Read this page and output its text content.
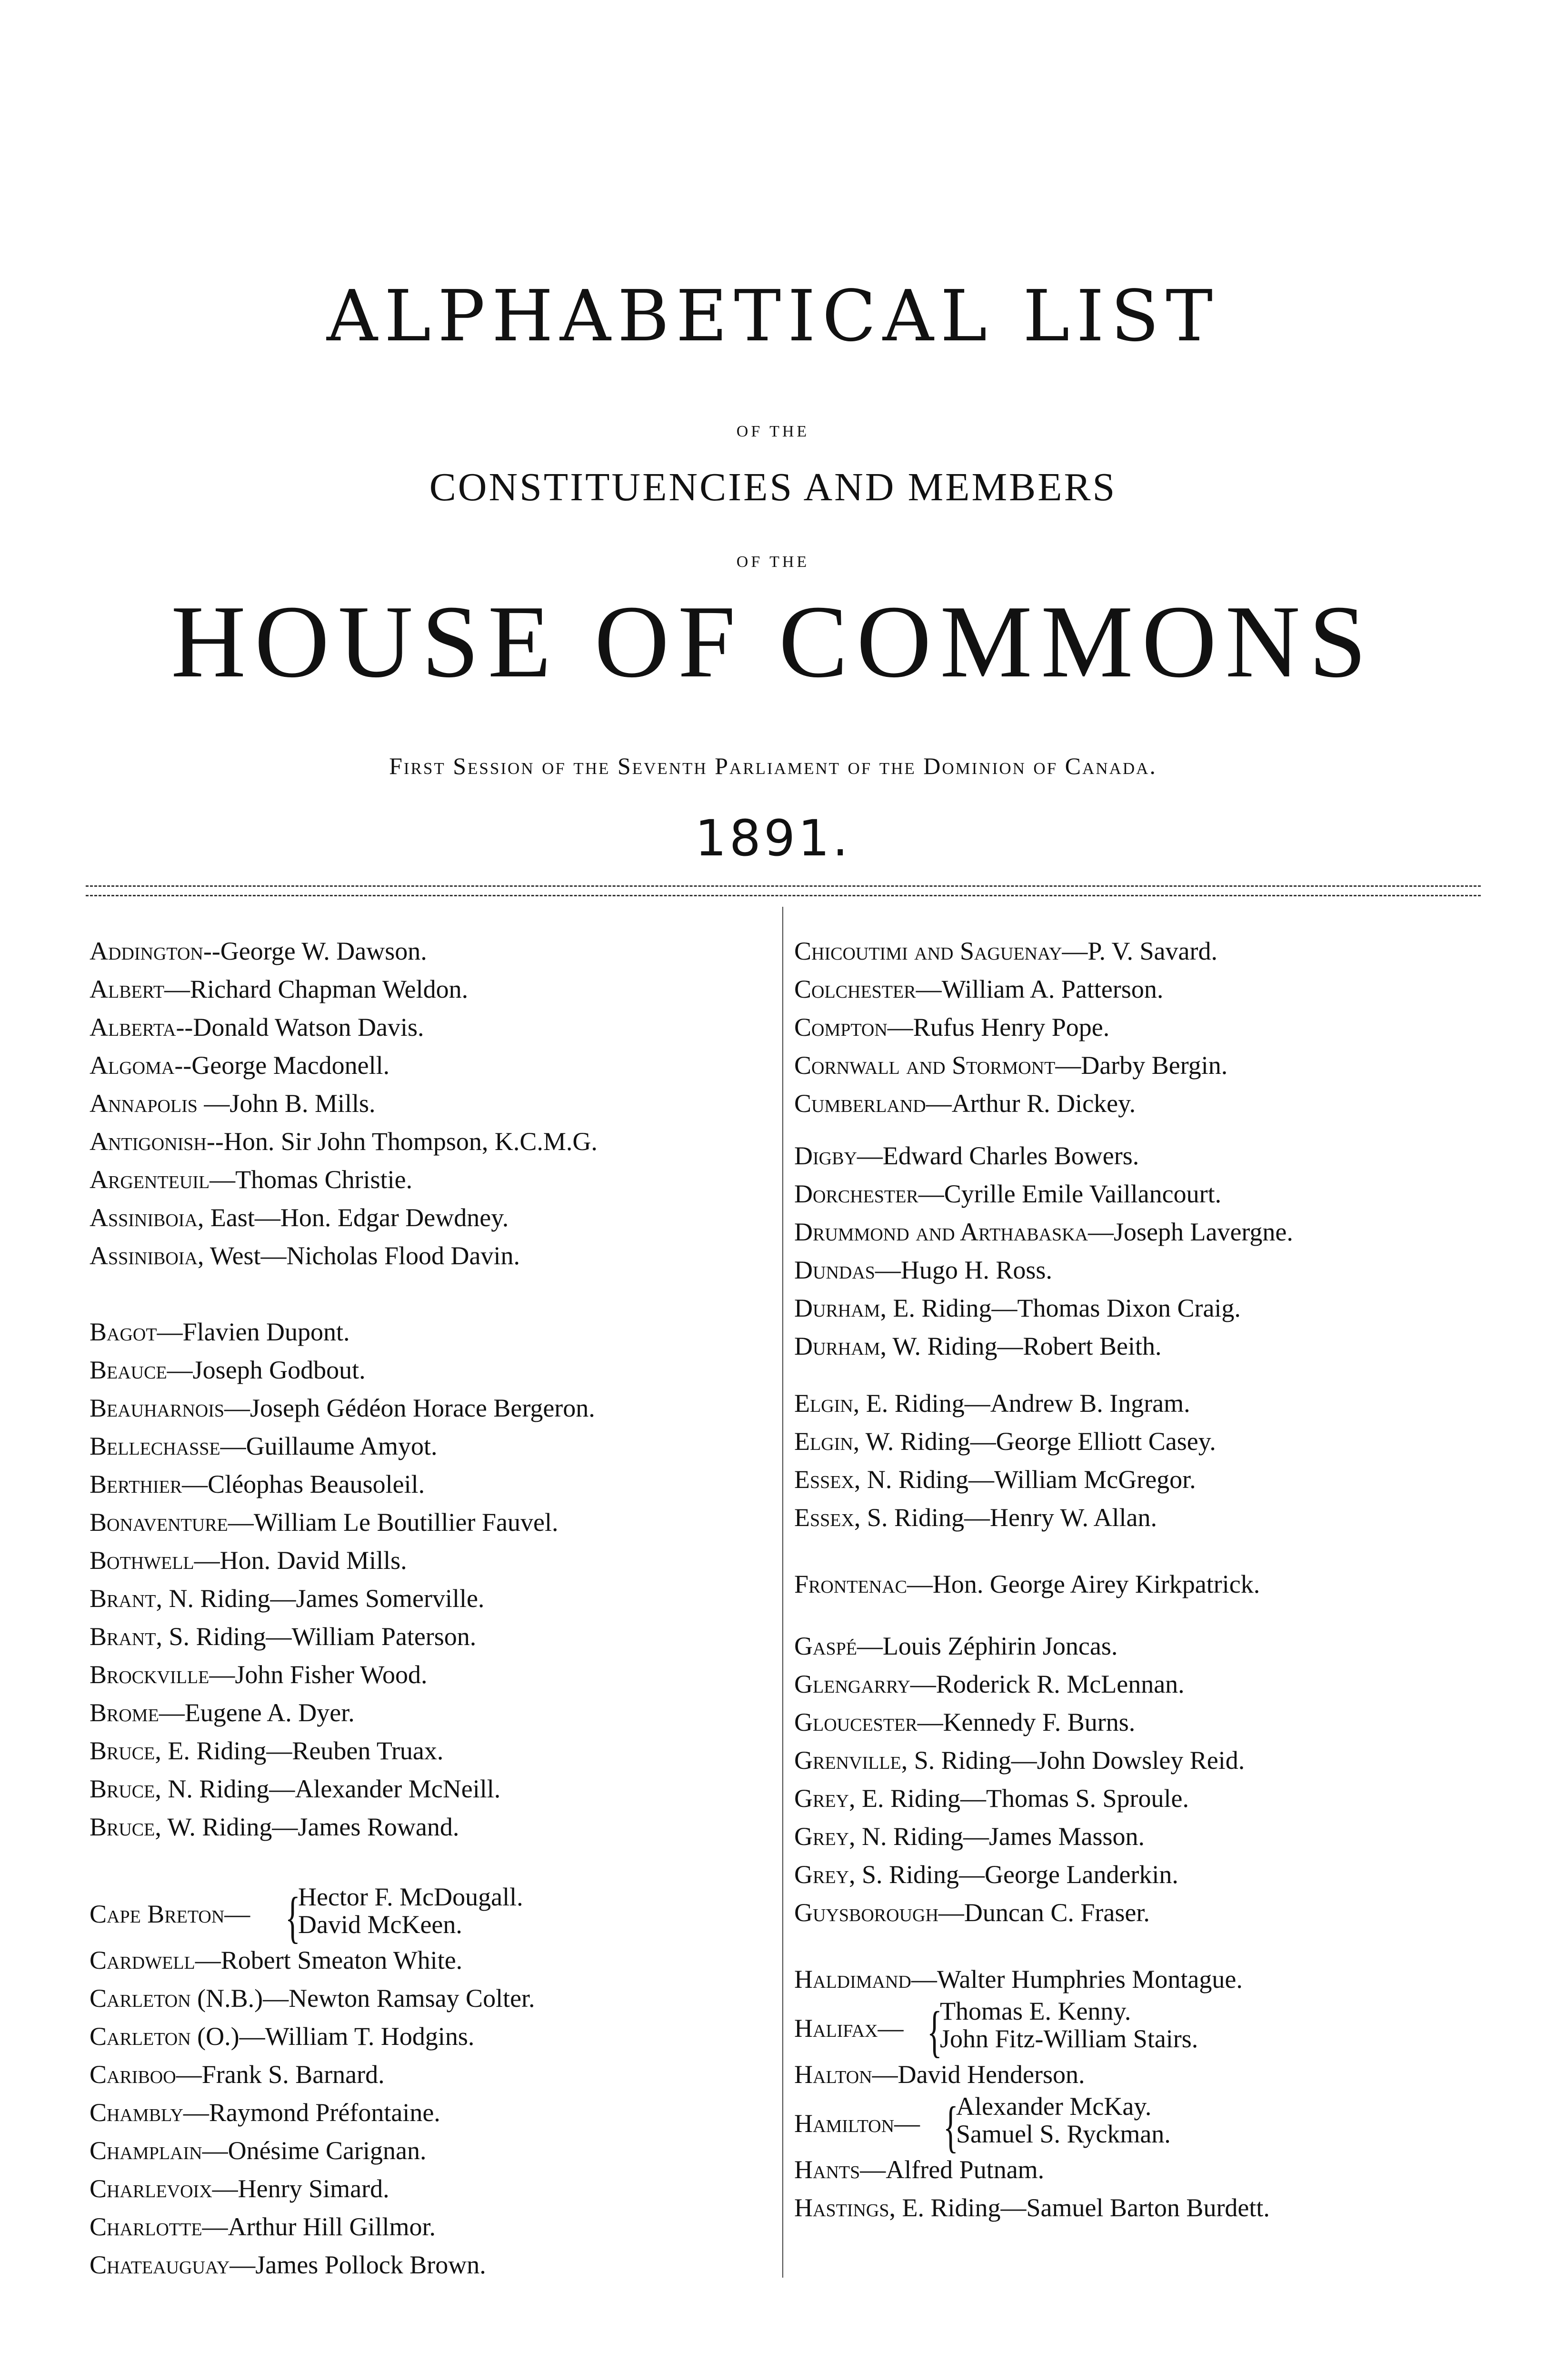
ALPHABETICAL LIST
OF THE
CONSTITUENCIES AND MEMBERS
OF THE
HOUSE OF COMMONS
First Session of the Seventh Parliament of the Dominion of Canada.
1891.
Addington--George W. Dawson.
Albert—Richard Chapman Weldon.
Alberta--Donald Watson Davis.
Algoma--George Macdonell.
Annapolis —John B. Mills.
Antigonish--Hon. Sir John Thompson, K.C.M.G.
Argenteuil—Thomas Christie.
Assiniboia, East—Hon. Edgar Dewdney.
Assiniboia, West—Nicholas Flood Davin.
Bagot—Flavien Dupont.
Beauce—Joseph Godbout.
Beauharnois—Joseph Gédéon Horace Bergeron.
Bellechasse—Guillaume Amyot.
Berthier—Cléophas Beausoleil.
Bonaventure—William Le Boutillier Fauvel.
Bothwell—Hon. David Mills.
Brant, N. Riding—James Somerville.
Brant, S. Riding—William Paterson.
Brockville—John Fisher Wood.
Brome—Eugene A. Dyer.
Bruce, E. Riding—Reuben Truax.
Bruce, N. Riding—Alexander McNeill.
Bruce, W. Riding—James Rowand.
Cape Breton— {
Hector F. McDougall.
David McKeen.
Cardwell—Robert Smeaton White.
Carleton (N.B.)—Newton Ramsay Colter.
Carleton (O.)—William T. Hodgins.
Cariboo—Frank S. Barnard.
Chambly—Raymond Préfontaine.
Champlain—Onésime Carignan.
Charlevoix—Henry Simard.
Charlotte—Arthur Hill Gillmor.
Chateauguay—James Pollock Brown.
Chicoutimi and Saguenay—P. V. Savard.
Colchester—William A. Patterson.
Compton—Rufus Henry Pope.
Cornwall and Stormont—Darby Bergin.
Cumberland—Arthur R. Dickey.
Digby—Edward Charles Bowers.
Dorchester—Cyrille Emile Vaillancourt.
Drummond and Arthabaska—Joseph Lavergne.
Dundas—Hugo H. Ross.
Durham, E. Riding—Thomas Dixon Craig.
Durham, W. Riding—Robert Beith.
Elgin, E. Riding—Andrew B. Ingram.
Elgin, W. Riding—George Elliott Casey.
Essex, N. Riding—William McGregor.
Essex, S. Riding—Henry W. Allan.
Frontenac—Hon. George Airey Kirkpatrick.
Gaspé—Louis Zéphirin Joncas.
Glengarry—Roderick R. McLennan.
Gloucester—Kennedy F. Burns.
Grenville, S. Riding—John Dowsley Reid.
Grey, E. Riding—Thomas S. Sproule.
Grey, N. Riding—James Masson.
Grey, S. Riding—George Landerkin.
Guysborough—Duncan C. Fraser.
Haldimand—Walter Humphries Montague.
Halifax— {
Thomas E. Kenny.
John Fitz-William Stairs.
Halton—David Henderson.
Hamilton— {
Alexander McKay.
Samuel S. Ryckman.
Hants—Alfred Putnam.
Hastings, E. Riding—Samuel Barton Burdett.
